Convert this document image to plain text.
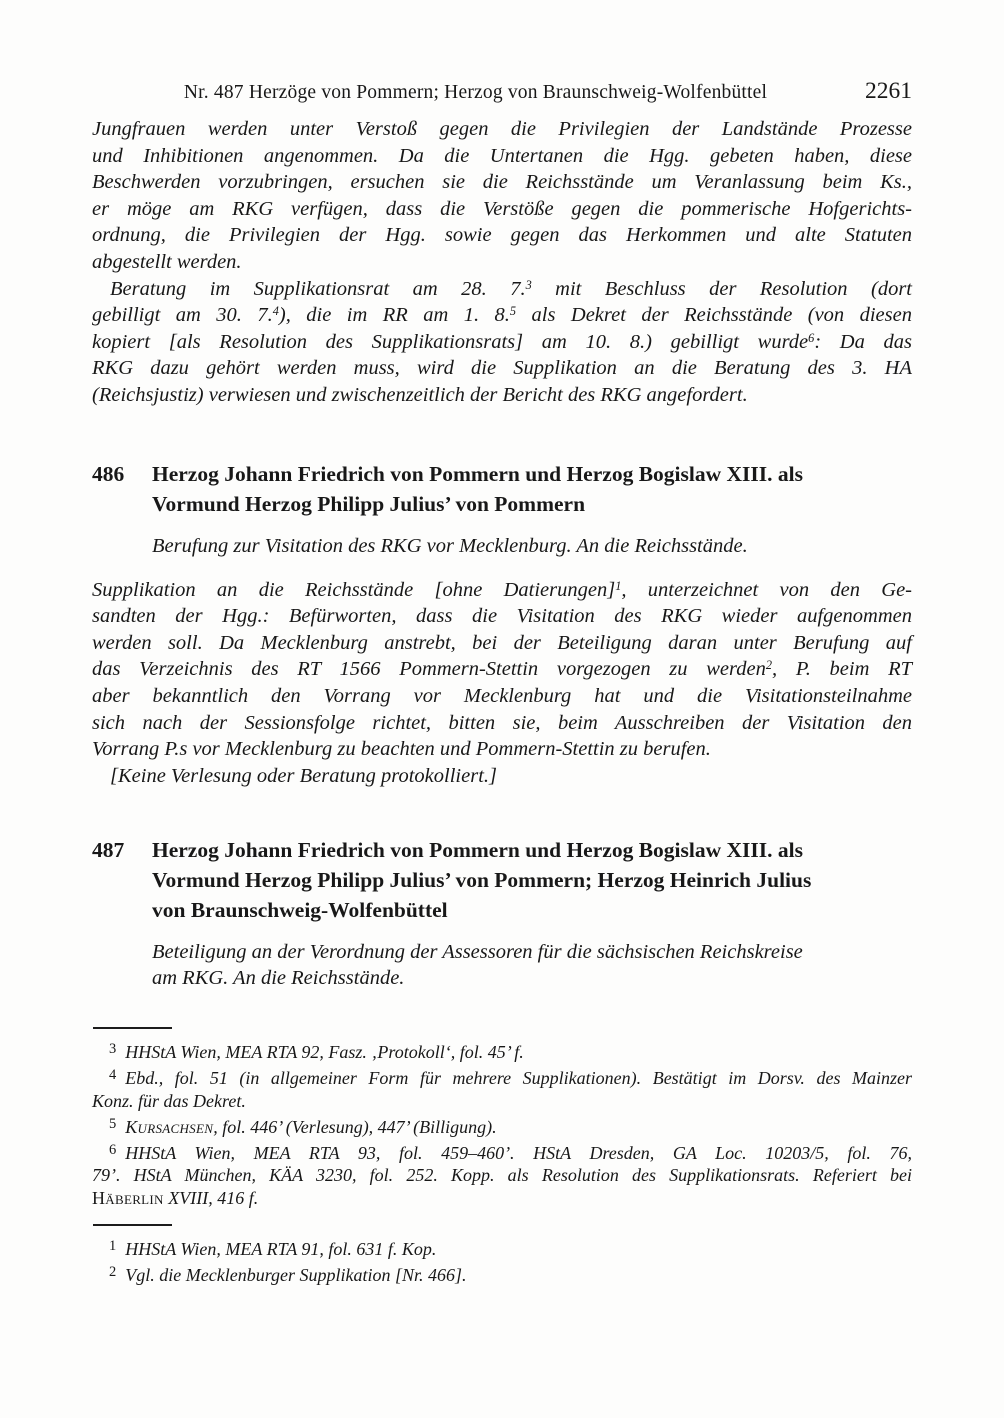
Nr. 487 Herzöge von Pommern; Herzog von Braunschweig-Wolfenbüttel	2261
Jungfrauen werden unter Verstoß gegen die Privilegien der Landstände Prozesse
und Inhibitionen angenommen. Da die Untertanen die Hgg. gebeten haben, diese
Beschwerden vorzubringen, ersuchen sie die Reichsstände um Veranlassung beim Ks.,
er möge am RKG verfügen, dass die Verstöße gegen die pommerische Hofgerichts-
ordnung, die Privilegien der Hgg. sowie gegen das Herkommen und alte Statuten
abgestellt werden.
Beratung im Supplikationsrat am 28. 7.$^3$ mit Beschluss der Resolution (dort
gebilligt am 30. 7.$^4$), die im RR am 1. 8.$^5$ als Dekret der Reichsstände (von diesen
kopiert [als Resolution des Supplikationsrats] am 10. 8.) gebilligt wurde$^6$: Da das
RKG dazu gehört werden muss, wird die Supplikation an die Beratung des 3. HA
(Reichsjustiz) verwiesen und zwischenzeitlich der Bericht des RKG angefordert.
486	Herzog Johann Friedrich von Pommern und Herzog Bogislaw XIII. als
Vormund Herzog Philipp Julius’ von Pommern
Berufung zur Visitation des RKG vor Mecklenburg. An die Reichsstände.
Supplikation an die Reichsstände [ohne Datierungen]$^1$, unterzeichnet von den Ge-
sandten der Hgg.: Befürworten, dass die Visitation des RKG wieder aufgenommen
werden soll. Da Mecklenburg anstrebt, bei der Beteiligung daran unter Berufung auf
das Verzeichnis des RT 1566 Pommern-Stettin vorgezogen zu werden$^2$, P. beim RT
aber bekanntlich den Vorrang vor Mecklenburg hat und die Visitationsteilnahme
sich nach der Sessionsfolge richtet, bitten sie, beim Ausschreiben der Visitation den
Vorrang P.s vor Mecklenburg zu beachten und Pommern-Stettin zu berufen.
[Keine Verlesung oder Beratung protokolliert.]
487	Herzog Johann Friedrich von Pommern und Herzog Bogislaw XIII. als
Vormund Herzog Philipp Julius’ von Pommern; Herzog Heinrich Julius
von Braunschweig-Wolfenbüttel
Beteiligung an der Verordnung der Assessoren für die sächsischen Reichskreise
am RKG. An die Reichsstände.
$^3$ HHStA Wien, MEA RTA 92, Fasz. ‚Protokoll‘, fol. 45’ f.
$^4$ Ebd., fol. 51 (in allgemeiner Form für mehrere Supplikationen). Bestätigt im Dorsv. des Mainzer
Konz. für das Dekret.
$^5$ Kursachsen, fol. 446’ (Verlesung), 447’ (Billigung).
$^6$ HHStA Wien, MEA RTA 93, fol. 459–460’. HStA Dresden, GA Loc. 10203/5, fol. 76,
79’. HStA München, KÄA 3230, fol. 252. Kopp. als Resolution des Supplikationsrats. Referiert bei
Häberlin XVIII, 416 f.
$^1$ HHStA Wien, MEA RTA 91, fol. 631 f. Kop.
$^2$ Vgl. die Mecklenburger Supplikation [Nr. 466].
